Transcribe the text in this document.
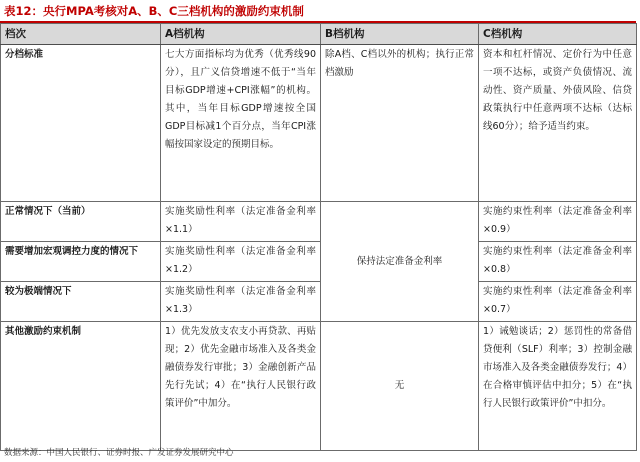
表12：央行MPA考核对A、B、C三档机构的激励约束机制
档次	A档机构	B档机构	C档机构
分档标准	七大方面指标均为优秀（优秀线90分），且广义信贷增速不低于“当年目标GDP增速+CPI涨幅”的机构。其中，当年目标GDP增速按全国GDP目标减1个百分点，当年CPI涨幅按国家设定的预期目标。	除A档、C档以外的机构；执行正常档激励	资本和杠杆情况、定价行为中任意一项不达标，或资产负债情况、流动性、资产质量、外债风险、信贷政策执行中任意两项不达标（达标线60分）；给予适当约束。
正常情况下（当前）	实施奖励性利率（法定准备金利率×1.1）	保持法定准备金利率	实施约束性利率（法定准备金利率×0.9）
需要增加宏观调控力度的情况下	实施奖励性利率（法定准备金利率×1.2）		实施约束性利率（法定准备金利率×0.8）
较为极端情况下	实施奖励性利率（法定准备金利率×1.3）		实施约束性利率（法定准备金利率×0.7）
其他激励约束机制	1）优先发放支农支小再贷款、再贴现；2）优先金融市场准入及各类金融债券发行审批；3）金融创新产品先行先试；4）在“执行人民银行政策评价”中加分。	无	1）诫勉谈话；2）惩罚性的常备借贷便利（SLF）利率；3）控制金融市场准入及各类金融债券发行；4）在合格审慎评估中扣分；5）在“执行人民银行政策评价”中扣分。
数据来源：中国人民银行、证券时报、广发证券发展研究中心
